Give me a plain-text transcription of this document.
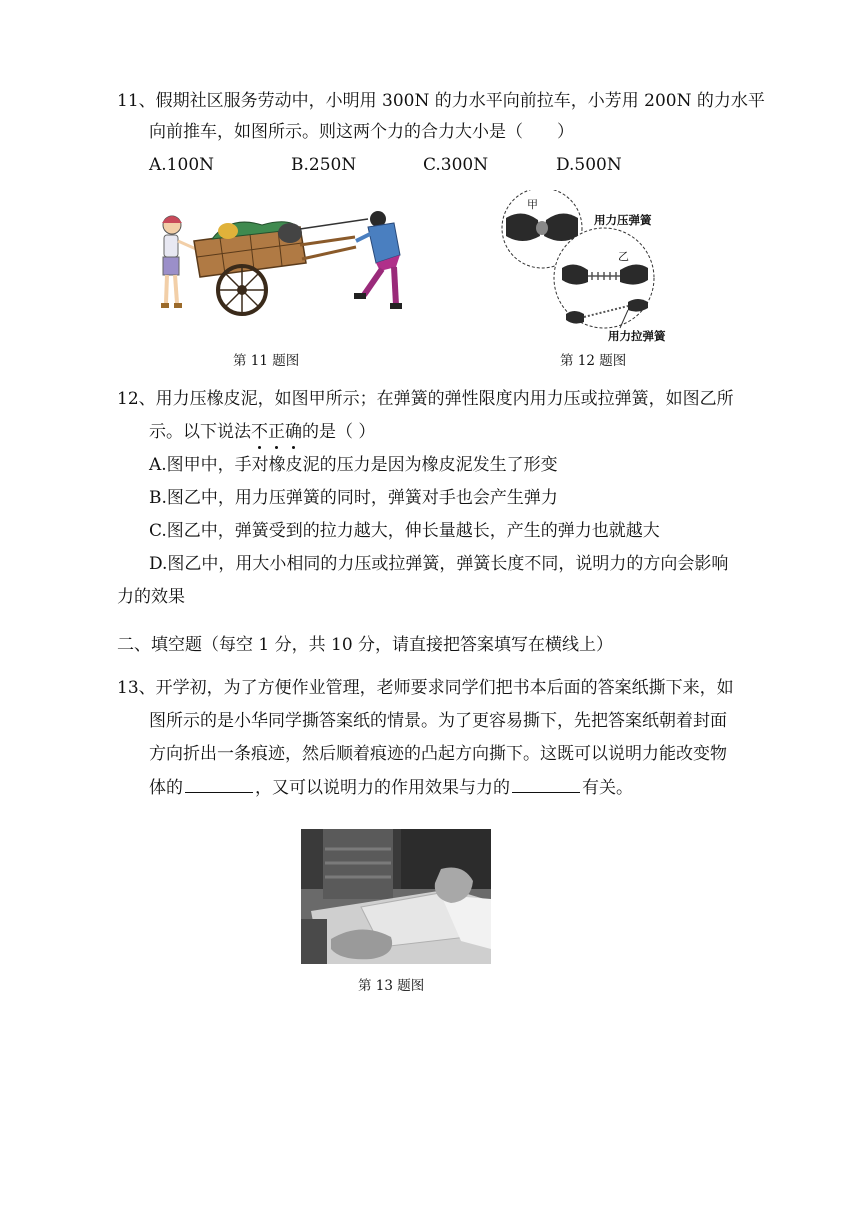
11、假期社区服务劳动中，小明用 300N 的力水平向前拉车，小芳用 200N 的力水平
向前推车，如图所示。则这两个力的合力大小是（　　）
A.100N	B.250N	C.300N	D.500N
第 11 题图
甲
用力压弹簧
乙
用力拉弹簧
第 12 题图
12、用力压橡皮泥，如图甲所示；在弹簧的弹性限度内用力压或拉弹簧，如图乙所
示。以下说法不正确的是（ ）
A.图甲中，手对橡皮泥的压力是因为橡皮泥发生了形变
B.图乙中，用力压弹簧的同时，弹簧对手也会产生弹力
C.图乙中，弹簧受到的拉力越大，伸长量越长，产生的弹力也就越大
D.图乙中，用大小相同的力压或拉弹簧，弹簧长度不同，说明力的方向会影响
力的效果
二、填空题（每空 1 分，共 10 分，请直接把答案填写在横线上）
13、开学初，为了方便作业管理，老师要求同学们把书本后面的答案纸撕下来，如
图所示的是小华同学撕答案纸的情景。为了更容易撕下，先把答案纸朝着封面
方向折出一条痕迹，然后顺着痕迹的凸起方向撕下。这既可以说明力能改变物
体的	，又可以说明力的作用效果与力的	有关。
第 13 题图
